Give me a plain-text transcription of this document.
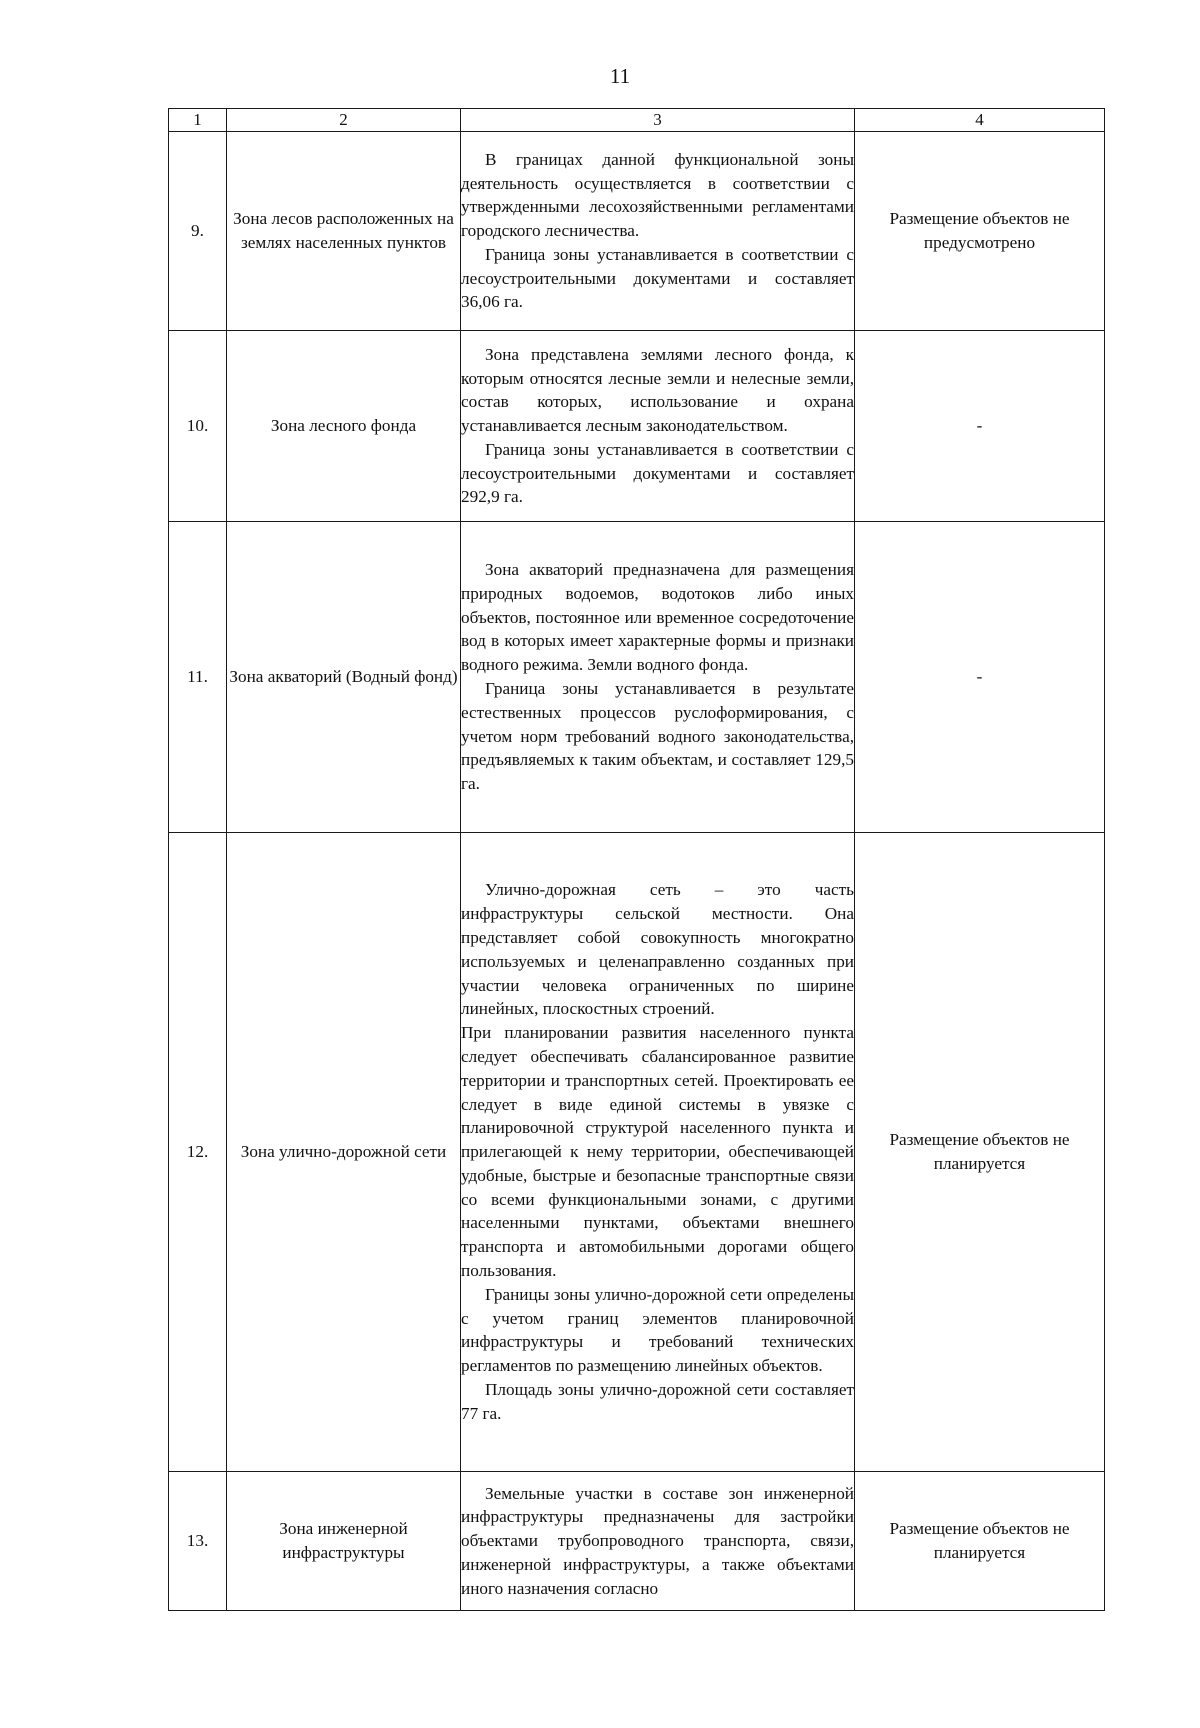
11
1	2	3	4
9.	Зона лесов расположенных на землях населенных пунктов	В границах данной функциональной зоны деятельность осуществляется в соответствии с утвержденными лесохозяйственными регламентами городского лесничества.

Граница зоны устанавливается в соответствии с лесоустроительными документами и составляет 36,06 га.	Размещение объектов не предусмотрено
10.	Зона лесного фонда	Зона представлена землями лесного фонда, к которым относятся лесные земли и нелесные земли, состав которых, использование и охрана устанавливается лесным законодательством.

Граница зоны устанавливается в соответствии с лесоустроительными документами и составляет 292,9 га.	-
11.	Зона акваторий (Водный фонд)	Зона акваторий предназначена для размещения природных водоемов, водотоков либо иных объектов, постоянное или временное сосредоточение вод в которых имеет характерные формы и признаки водного режима. Земли водного фонда.

Граница зоны устанавливается в результате естественных процессов руслоформирования, с учетом норм требований водного законодательства, предъявляемых к таким объектам, и составляет 129,5 га.	-
12.	Зона улично-дорожной сети	Улично-дорожная сеть – это часть инфраструктуры сельской местности. Она представляет собой совокупность многократно используемых и целенаправленно созданных при участии человека ограниченных по ширине линейных, плоскостных строений.

При планировании развития населенного пункта следует обеспечивать сбалансированное развитие территории и транспортных сетей. Проектировать ее следует в виде единой системы в увязке с планировочной структурой населенного пункта и прилегающей к нему территории, обеспечивающей удобные, быстрые и безопасные транспортные связи со всеми функциональными зонами, с другими населенными пунктами, объектами внешнего транспорта и автомобильными дорогами общего пользования.

Границы зоны улично-дорожной сети определены с учетом границ элементов планировочной инфраструктуры и требований технических регламентов по размещению линейных объектов.

Площадь зоны улично-дорожной сети составляет 77 га.	Размещение объектов не планируется
13.	Зона инженерной инфраструктуры	Земельные участки в составе зон инженерной инфраструктуры предназначены для застройки объектами трубопроводного транспорта, связи, инженерной инфраструктуры, а также объектами иного назначения согласно	Размещение объектов не планируется
